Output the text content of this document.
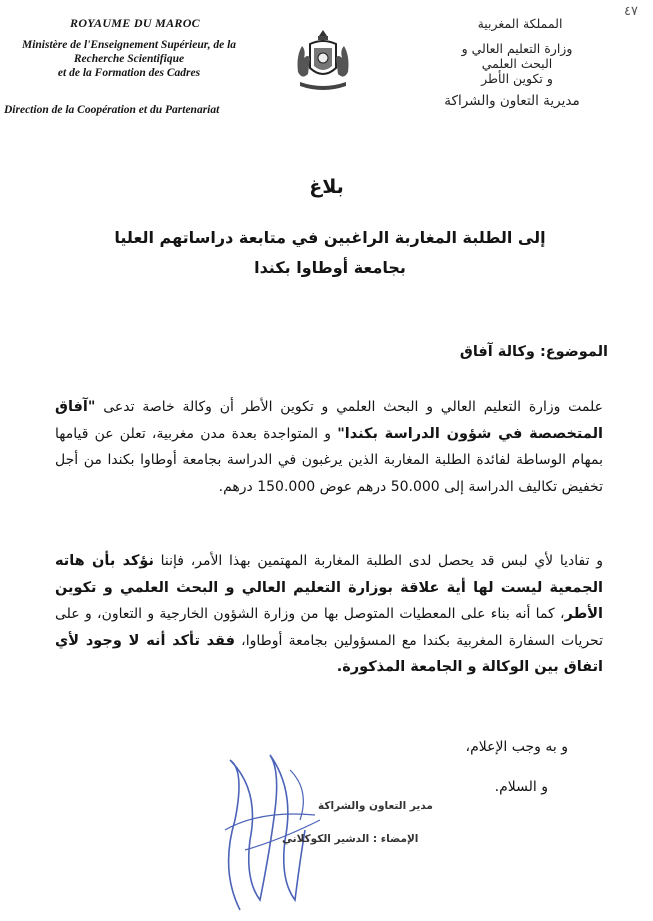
٤٧
ROYAUME DU MAROC
Ministère de l'Enseignement Supérieur, de la
Recherche Scientifique
et de la Formation des Cadres
Direction de la Coopération et du Partenariat
المملكة المغربية
وزارة التعليم العالي و
البحث العلمي
و تكوين الأطر
مديرية التعاون والشراكة
بلاغ
إلى الطلبة المغاربة الراغبين في متابعة دراساتهم العليا
بجامعة أوطاوا بكندا
الموضوع: وكالة آفاق
علمت وزارة التعليم العالي و البحث العلمي و تكوين الأطر أن وكالة خاصة تدعى "آفاق المتخصصة في شؤون الدراسة بكندا" و المتواجدة بعدة مدن مغربية، تعلن عن قيامها بمهام الوساطة لفائدة الطلبة المغاربة الذين يرغبون في الدراسة بجامعة أوطاوا بكندا من أجل تخفيض تكاليف الدراسة إلى 50.000 درهم عوض 150.000 درهم.
و تفاديا لأي لبس قد يحصل لدى الطلبة المغاربة المهتمين بهذا الأمر، فإننا نؤكد بأن هاته الجمعية ليست لها أية علاقة بوزارة التعليم العالي و البحث العلمي و تكوين الأطر، كما أنه بناء على المعطيات المتوصل بها من وزارة الشؤون الخارجية و التعاون، و على تحريات السفارة المغربية بكندا مع المسؤولين بجامعة أوطاوا، فقد تأكد أنه لا وجود لأي اتفاق بين الوكالة و الجامعة المذكورة.
و به وجب الإعلام،
و السلام.
مدير التعاون والشراكة
الإمضاء : الدشير الكوكلاني
